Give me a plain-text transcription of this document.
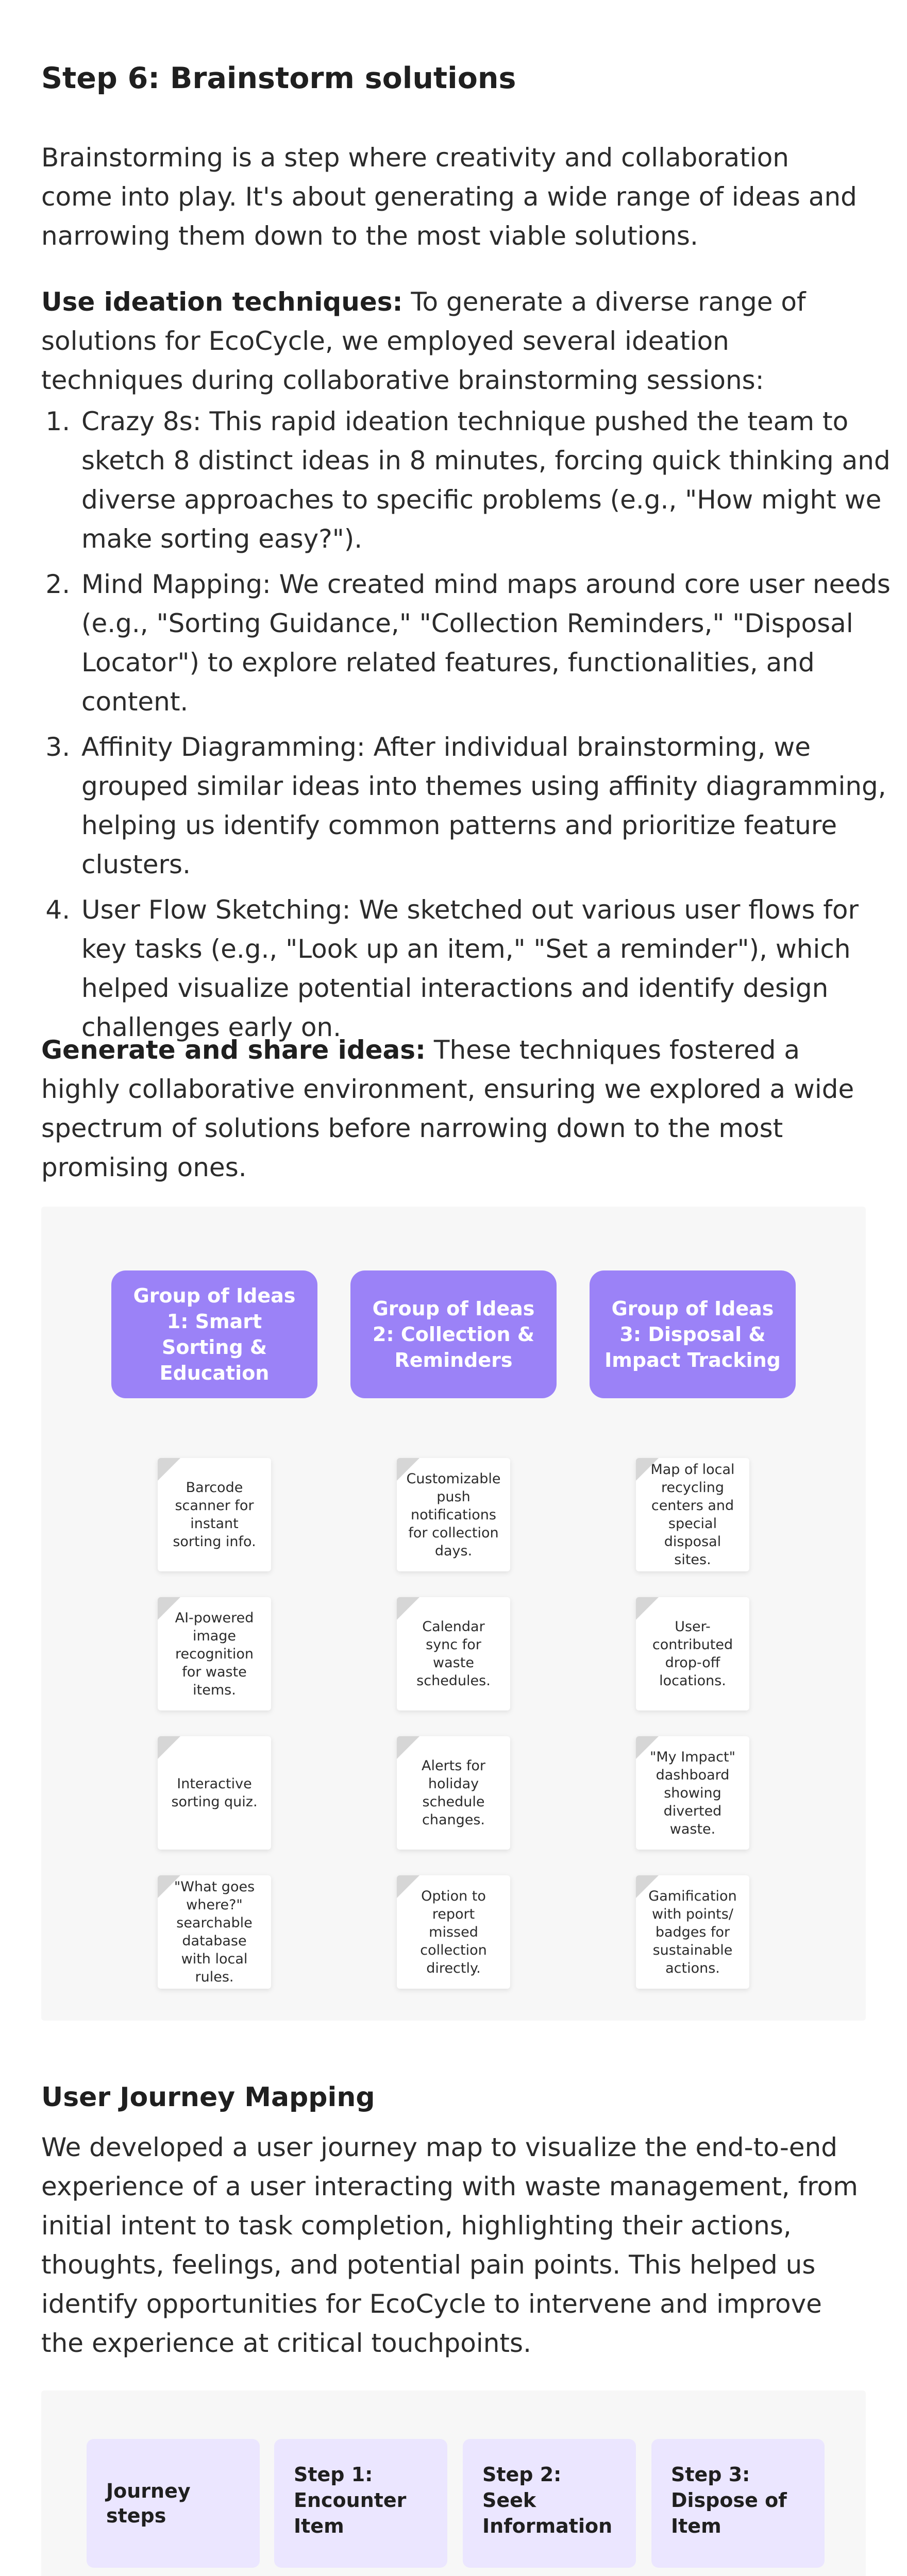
Step 6: Brainstorm solutions

Brainstorming is a step where creativity and collaboration come into play. It's about generating a wide range of ideas and narrowing them down to the most viable solutions.

Use ideation techniques: To generate a diverse range of solutions for EcoCycle, we employed several ideation techniques during collaborative brainstorming sessions:

1. Crazy 8s: This rapid ideation technique pushed the team to sketch 8 distinct ideas in 8 minutes, forcing quick thinking and diverse approaches to specific problems (e.g., "How might we make sorting easy?").
2. Mind Mapping: We created mind maps around core user needs (e.g., "Sorting Guidance," "Collection Reminders," "Disposal Locator") to explore related features, functionalities, and content.
3. Affinity Diagramming: After individual brainstorming, we grouped similar ideas into themes using affinity diagramming, helping us identify common patterns and prioritize feature clusters.
4. User Flow Sketching: We sketched out various user flows for key tasks (e.g., "Look up an item," "Set a reminder"), which helped visualize potential interactions and identify design challenges early on.

Generate and share ideas: These techniques fostered a highly collaborative environment, ensuring we explored a wide spectrum of solutions before narrowing down to the most promising ones.

Group of Ideas 1: Smart Sorting & Education
Barcode scanner for instant sorting info.
AI-powered image recognition for waste items.
Interactive sorting quiz.
"What goes where?" searchable database with local rules.
Group of Ideas 2: Collection & Reminders
Customizable push notifications for collection days.
Calendar sync for waste schedules.
Alerts for holiday schedule changes.
Option to report missed collection directly.
Group of Ideas 3: Disposal & Impact Tracking
Map of local recycling centers and special disposal sites.
User-contributed drop-off locations.
"My Impact" dashboard showing diverted waste.
Gamification with points/ badges for sustainable actions.
User Journey Mapping

We developed a user journey map to visualize the end-to-end experience of a user interacting with waste management, from initial intent to task completion, highlighting their actions, thoughts, feelings, and potential pain points. This helped us identify opportunities for EcoCycle to intervene and improve the experience at critical touchpoints.

Journey steps
Step 1: Encounter Item
Step 2: Seek Information
Step 3: Dispose of Item
